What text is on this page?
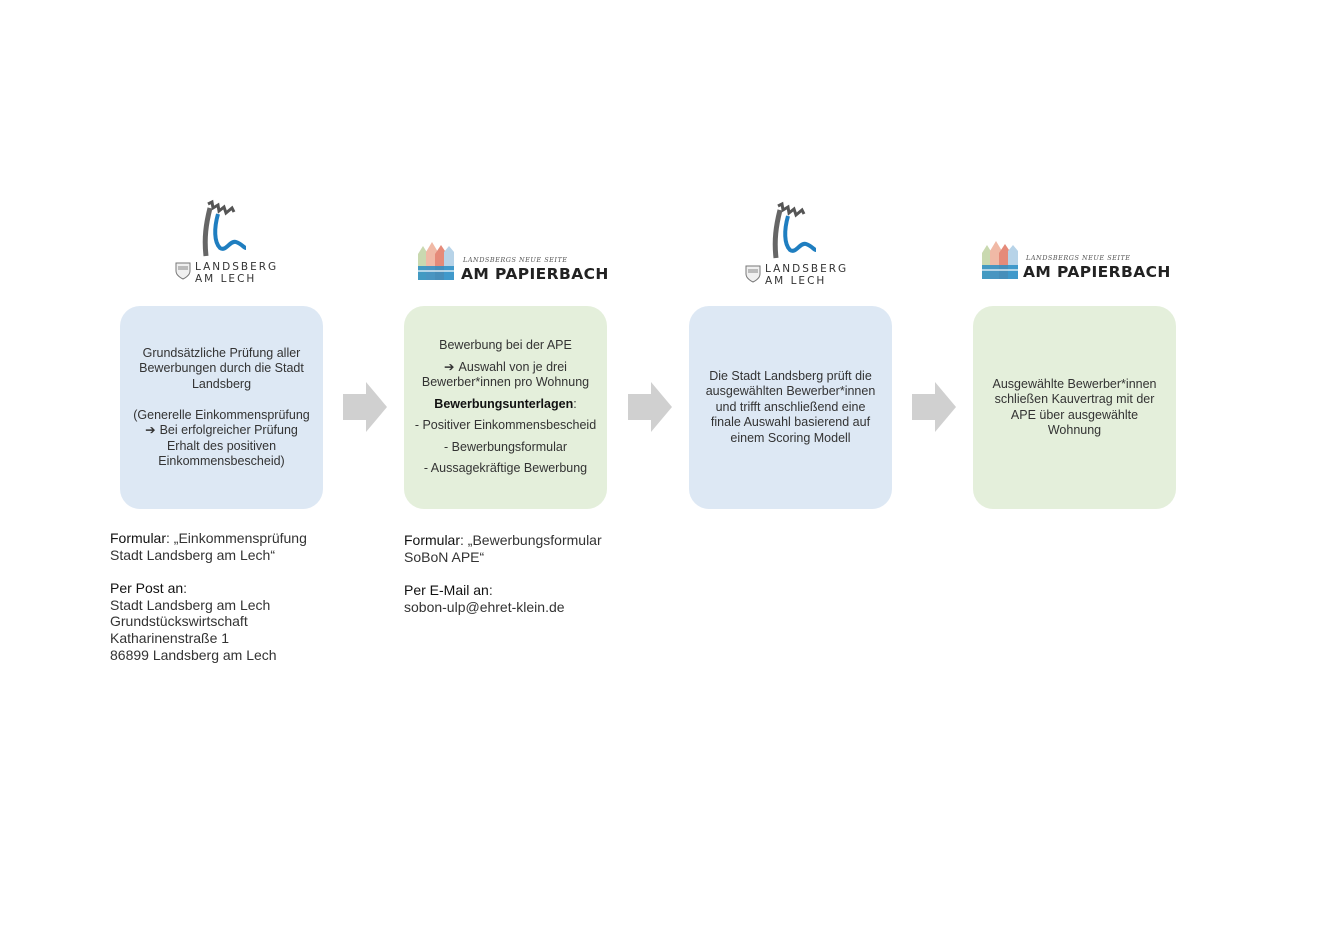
LANDSBERG
AM LECH
LANDSBERGS NEUE SEITE
AM PAPIERBACH	LANDSBERG
AM LECH
LANDSBERGS NEUE SEITE
AM PAPIERBACH

Grundsätzliche Prüfung aller

Bewerbungen durch die Stadt

Landsberg

(Generelle Einkommensprüfung

➔ Bei erfolgreicher Prüfung

Erhalt des positiven

Einkommensbescheid)

Bewerbung bei der APE

➔ Auswahl von je drei

Bewerber*innen pro Wohnung

Bewerbungsunterlagen:

- Positiver Einkommensbescheid

- Bewerbungsformular

- Aussagekräftige Bewerbung

Die Stadt Landsberg prüft die

ausgewählten Bewerber*innen

und trifft anschließend eine

finale Auswahl basierend auf

einem Scoring Modell

Ausgewählte Bewerber*innen

schließen Kauvertrag mit der

APE über ausgewählte

Wohnung

Formular: „Einkommensprüfung

Stadt Landsberg am Lech“

Per Post an:

Stadt Landsberg am Lech

Grundstückswirtschaft

Katharinenstraße 1

86899 Landsberg am Lech

Formular: „Bewerbungsformular

SoBoN APE“

Per E-Mail an:

sobon-ulp@ehret-klein.de
